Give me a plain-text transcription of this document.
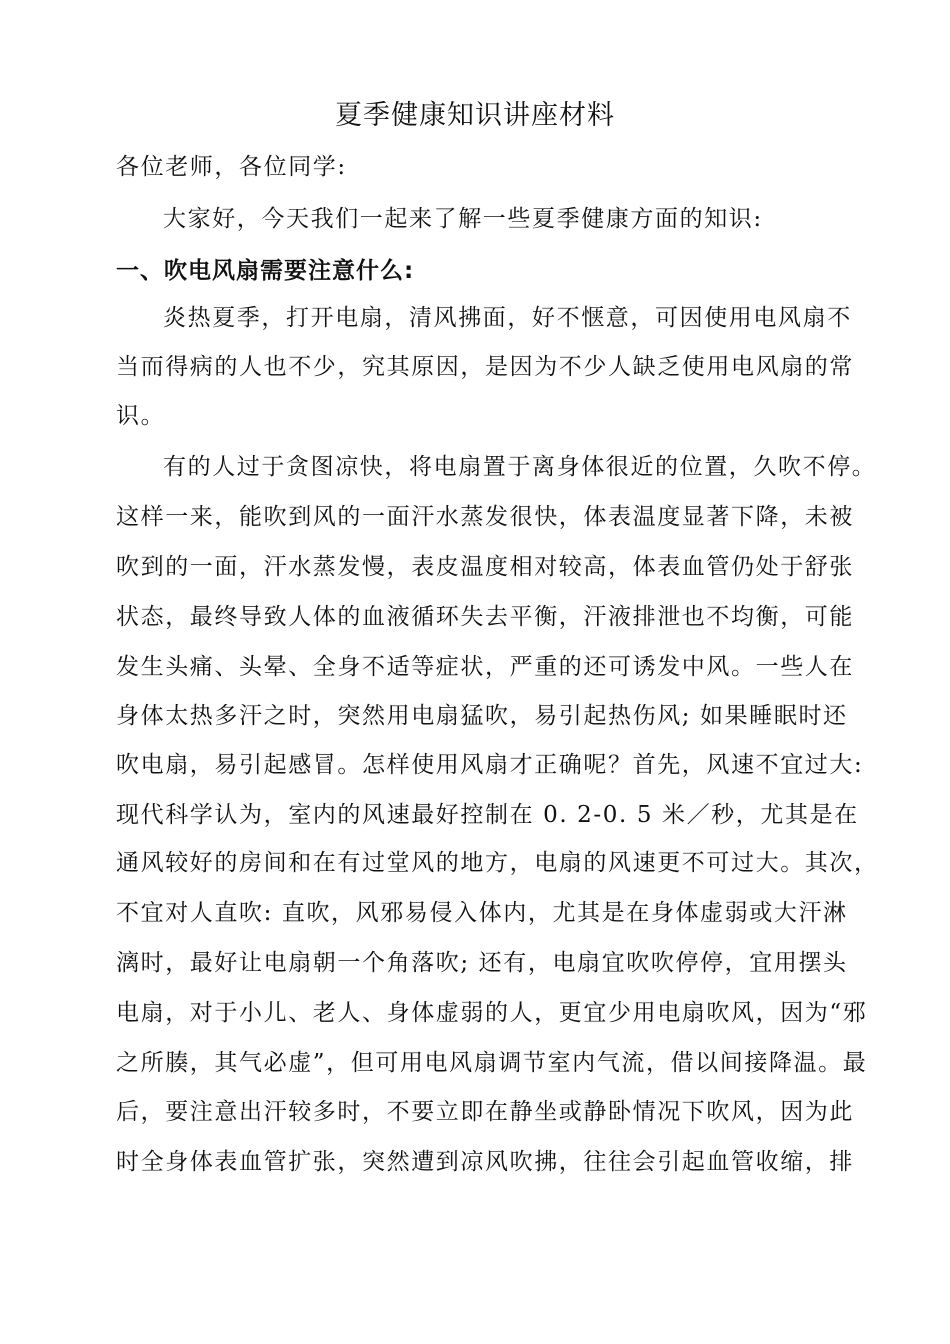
夏季健康知识讲座材料
各位老师，各位同学:
大家好，今天我们一起来了解一些夏季健康方面的知识:
一、吹电风扇需要注意什么:
炎热夏季，打开电扇，清风拂面，好不惬意，可因使用电风扇不
当而得病的人也不少，究其原因，是因为不少人缺乏使用电风扇的常
识。
有的人过于贪图凉快，将电扇置于离身体很近的位置，久吹不停。
这样一来，能吹到风的一面汗水蒸发很快，体表温度显著下降，未被
吹到的一面，汗水蒸发慢，表皮温度相对较高，体表血管仍处于舒张
状态，最终导致人体的血液循环失去平衡，汗液排泄也不均衡，可能
发生头痛、头晕、全身不适等症状，严重的还可诱发中风。一些人在
身体太热多汗之时，突然用电扇猛吹，易引起热伤风; 如果睡眠时还
吹电扇，易引起感冒。怎样使用风扇才正确呢？首先，风速不宜过大:
现代科学认为，室内的风速最好控制在 0. 2-0. 5 米／秒，尤其是在
通风较好的房间和在有过堂风的地方，电扇的风速更不可过大。其次，
不宜对人直吹: 直吹，风邪易侵入体内，尤其是在身体虚弱或大汗淋
漓时，最好让电扇朝一个角落吹; 还有，电扇宜吹吹停停，宜用摆头
电扇，对于小儿、老人、身体虚弱的人，更宜少用电扇吹风，因为“邪
之所腠，其气必虚”，但可用电风扇调节室内气流，借以间接降温。最
后，要注意出汗较多时，不要立即在静坐或静卧情况下吹风，因为此
时全身体表血管扩张，突然遭到凉风吹拂，往往会引起血管收缩，排
